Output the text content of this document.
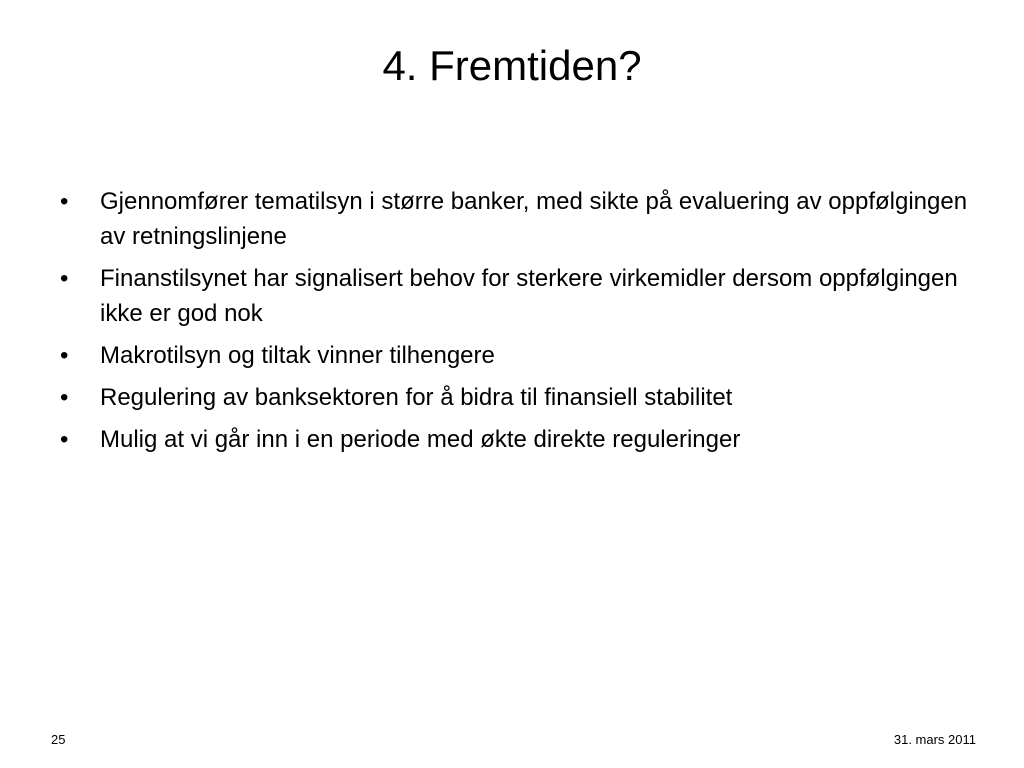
4. Fremtiden?
•	Gjennomfører tematilsyn i større banker, med sikte på evaluering av oppfølgingen av retningslinjene
•	Finanstilsynet har signalisert behov for sterkere virkemidler dersom oppfølgingen ikke er god nok
•	Makrotilsyn og tiltak vinner tilhengere
•	Regulering av banksektoren for å bidra til finansiell stabilitet
•	Mulig at vi går inn i en periode med økte direkte reguleringer
25	31. mars 2011
